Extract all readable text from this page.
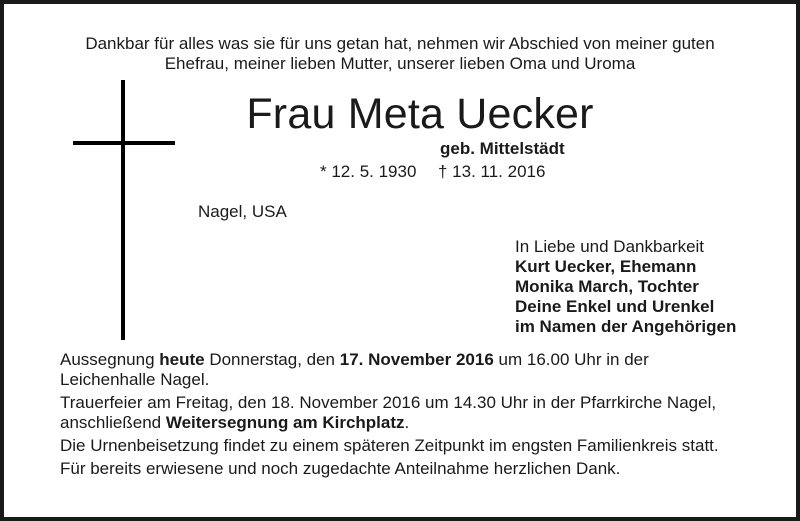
Dankbar für alles was sie für uns getan hat, nehmen wir Abschied von meiner guten
Ehefrau, meiner lieben Mutter, unserer lieben Oma und Uroma
Frau Meta Uecker
geb. Mittelstädt
* 12. 5. 1930 † 13. 11. 2016
Nagel, USA
In Liebe und Dankbarkeit
Kurt Uecker, Ehemann
Monika March, Tochter
Deine Enkel und Urenkel
im Namen der Angehörigen
Aussegnung heute Donnerstag, den 17. November 2016 um 16.00 Uhr in der
Leichenhalle Nagel.
Trauerfeier am Freitag, den 18. November 2016 um 14.30 Uhr in der Pfarrkirche Nagel,
anschließend Weitersegnung am Kirchplatz.
Die Urnenbeisetzung findet zu einem späteren Zeitpunkt im engsten Familienkreis statt.
Für bereits erwiesene und noch zugedachte Anteilnahme herzlichen Dank.
